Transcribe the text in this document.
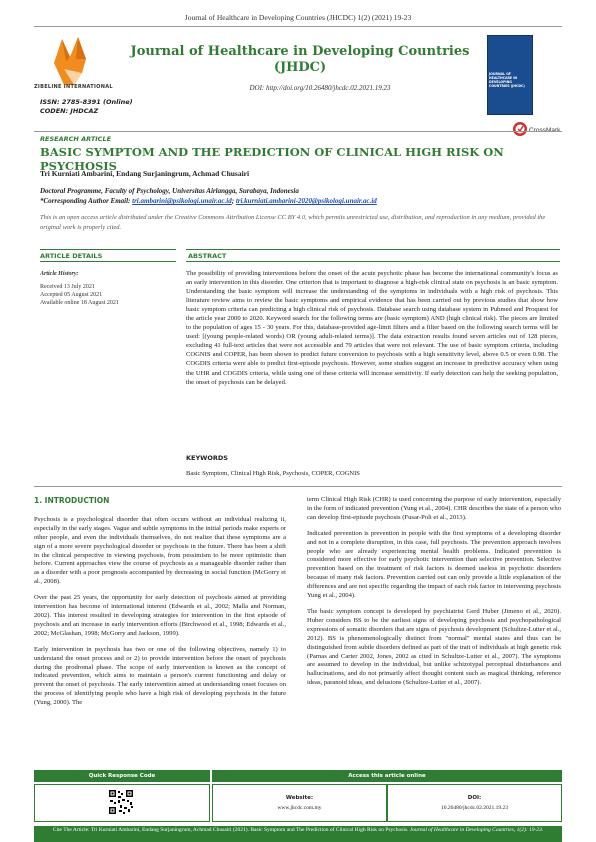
Journal of Healthcare in Developing Countries (JHCDC) 1(2) (2021) 19-23
ZIBELINE INTERNATIONAL
Journal of Healthcare in Developing Countries
(JHDC)
DOI: http://doi.org/10.26480/jhcdc.02.2021.19.23
JOURNAL OF HEALTHCARE IN DEVELOPING COUNTRIES (JHCDC)
ISSN: 2785-8391 (Online)
CODEN: JHDCAZ
RESEARCH ARTICLE
BASIC SYMPTOM AND THE PREDICTION OF CLINICAL HIGH RISK ON PSYCHOSIS
Tri Kurniati Ambarini, Endang Surjaningrum, Achmad Chusairi
Doctoral Programme, Faculty of Psychology, Universitas Airlangga, Surabaya, Indonesia
*Corresponding Author Email: tri.ambarini@psikologi.unair.ac.id; tri.kurniati.ambarini-2020@psikologi.unair.ac.id
This is an open access article distributed under the Creative Commons Attribution License CC BY 4.0, which permits unrestricted use, distribution, and reproduction in any medium, provided the original work is properly cited.
ARTICLE DETAILS	ABSTRACT
Article History:
Received 13 July 2021
Accepted 05 August 2021
Available online 18 August 2021
The possibility of providing interventions before the onset of the acute psychotic phase has become the international community's focus as an early intervention in this disorder. One criterion that is important to diagnose a high-risk clinical state on psychosis is an basic symptom. Understanding the basic symptom will increase the understanding of the symptoms in individuals with a high risk of psychosis. This literature review aims to review the basic symptoms and empirical evidence that has been carried out by previous studies that show how basic symptom criteria can predicting a high clinical risk of psychosis. Database search using database system in Pubmed and Proquest for the article year 2000 to 2020. Keyword search for the following terms are (basic symptom) AND (high clinical risk). The pieces are limited to the population of ages 15 - 30 years. For this, database-provided age-limit filters and a filter based on the following search terms will be used: [(young people-related words) OR (young adult-related terms)]. The data extraction results found seven articles out of 128 pieces, excluding 41 full-text articles that were not accessible and 79 articles that were not relevant. The use of basic symptom criteria, including COGNIS and COPER, has been shown to predict future conversion to psychosis with a high sensitivity level, above 0.5 or even 0.98. The COGDIS criteria were able to predict first-episode psychosis. However, some studies suggest an increase in predictive accuracy when using the UHR and COGDIS criteria, while using one of these criteria will increase sensitivity. If early detection can help the seeking population, the onset of psychosis can be delayed.
KEYWORDS
Basic Symptom, Clinical High Risk, Psychosis, COPER, COGNIS
1. INTRODUCTION

Psychosis is a psychological disorder that often occurs without an individual realizing it, especially in the early stages. Vague and subtle symptoms in the initial periods make experts or other people, and even the individuals themselves, do not realize that these symptoms are a sign of a more severe psychological disorder or psychosis in the future. There has been a shift in the clinical perspective in viewing psychosis, from pessimism to be more optimistic than before. Current approaches view the course of psychosis as a manageable disorder rather than as a disorder with a poor prognosis accompanied by decreasing in social function (McGorry et al., 2008).

Over the past 25 years, the opportunity for early detection of psychosis aimed at providing intervention has become of international interest (Edwards et al., 2002; Malla and Norman, 2002). This interest resulted in developing strategies for intervention in the first episode of psychosis and an increase in early intervention efforts (Birchwood et al., 1998; Edwards et al., 2002; McGlashan, 1998; McGorry and Jackson, 1999).

Early intervention in psychosis has two or one of the following objectives, namely 1) to understand the onset process and or 2) to provide intervention before the onset of psychosis during the prodromal phase. The scope of early intervention is known as the concept of indicated prevention, which aims to maintain a person's current functioning and delay or prevent the onset of psychosis. The early intervention aimed at understanding onset focuses on the process of identifying people who have a high risk of developing psychosis in the future (Yung, 2000). The

term Clinical High Risk (CHR) is used concerning the purpose of early intervention, especially in the form of indicated prevention (Yung et al., 2004). CHR describes the state of a person who can develop first-episode psychosis (Fusar-Poli et al., 2013).

Indicated prevention is prevention in people with the first symptoms of a developing disorder and not in a complete disruption, in this case, full psychosis. The prevention approach involves people who are already experiencing mental health problems. Indicated prevention is considered more effective for early psychotic intervention than selective prevention. Selective prevention based on the treatment of risk factors is deemed useless in psychotic disorders because of many risk factors. Prevention carried out can only provide a little explanation of the differences and are not specific regarding the impact of each risk factor in intervening psychosis Yung et al., 2004).

The basic symptom concept is developed by psychiatrist Gerd Huber (Jimeno et al., 2020). Huber considers BS to be the earliest signs of developing psychosis and psychopathological expressions of somatic disorders that are signs of psychosis development (Schultze-Lutter et al., 2012). BS is phenomenologically distinct from "normal" mental states and thus can be distinguished from subtle disorders defined as part of the trait of individuals at high genetic risk (Parnas and Carter 2002, Jones, 2002 as cited in Schultze-Lutter et al., 2007). The symptoms are assumed to develop in the individual, but unlike schizotypal perceptual disturbances and hallucinations, and do not primarily affect thought content such as magical thinking, reference ideas, paranoid ideas, and delusions (Schultze-Lutter et al., 2007).

Quick Response Code	Access this article online
Website:
www.jhcdc.com.my
DOI:
10.26480/jhcdc.02.2021.19.23
Cite The Article: Tri Kurniati Ambarini, Endang Surjaningrum, Achmad Chusairi (2021). Basic Symptom and The Prediction of Clinical High Risk on Psychosis. Journal of Healthcare in Developing Countries, 1(2): 19-23.
